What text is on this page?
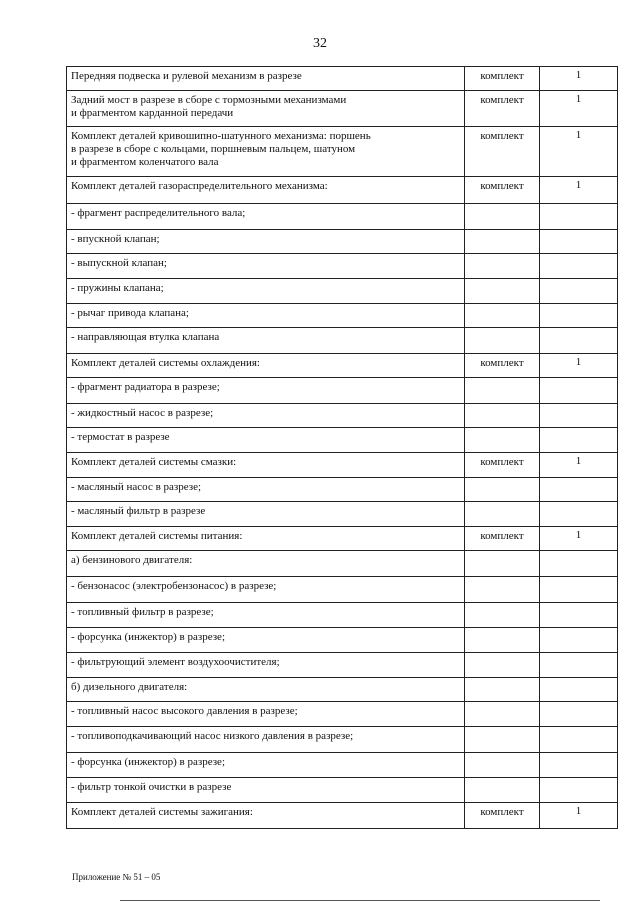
32
Передняя подвеска и рулевой механизм в разрезе	комплект	1

Задний мост в разрезе в сборе с тормозными механизмами
и фрагментом карданной передачи	комплект	1

Комплект деталей кривошипно-шатунного механизма: поршень
в разрезе в сборе с кольцами, поршневым пальцем, шатуном
и фрагментом коленчатого вала	комплект	1

Комплект деталей газораспределительного механизма:	комплект	1

- фрагмент распределительного вала;		

- впускной клапан;		

- выпускной клапан;		

- пружины клапана;		

- рычаг привода клапана;		

- направляющая втулка клапана		

Комплект деталей системы охлаждения:	комплект	1

- фрагмент радиатора в разрезе;		

- жидкостный насос в разрезе;		

- термостат в разрезе		

Комплект деталей системы смазки:	комплект	1

- масляный насос в разрезе;		

- масляный фильтр в разрезе		

Комплект деталей системы питания:	комплект	1

а) бензинового двигателя:		

- бензонасос (электробензонасос) в разрезе;		

- топливный фильтр в разрезе;		

- форсунка (инжектор) в разрезе;		

- фильтрующий элемент воздухоочистителя;		

б) дизельного двигателя:		

- топливный насос высокого давления в разрезе;		

- топливоподкачивающий насос низкого давления в разрезе;		

- форсунка (инжектор) в разрезе;		

- фильтр тонкой очистки в разрезе		

Комплект деталей системы зажигания:	комплект	1
Приложение № 51 – 05
